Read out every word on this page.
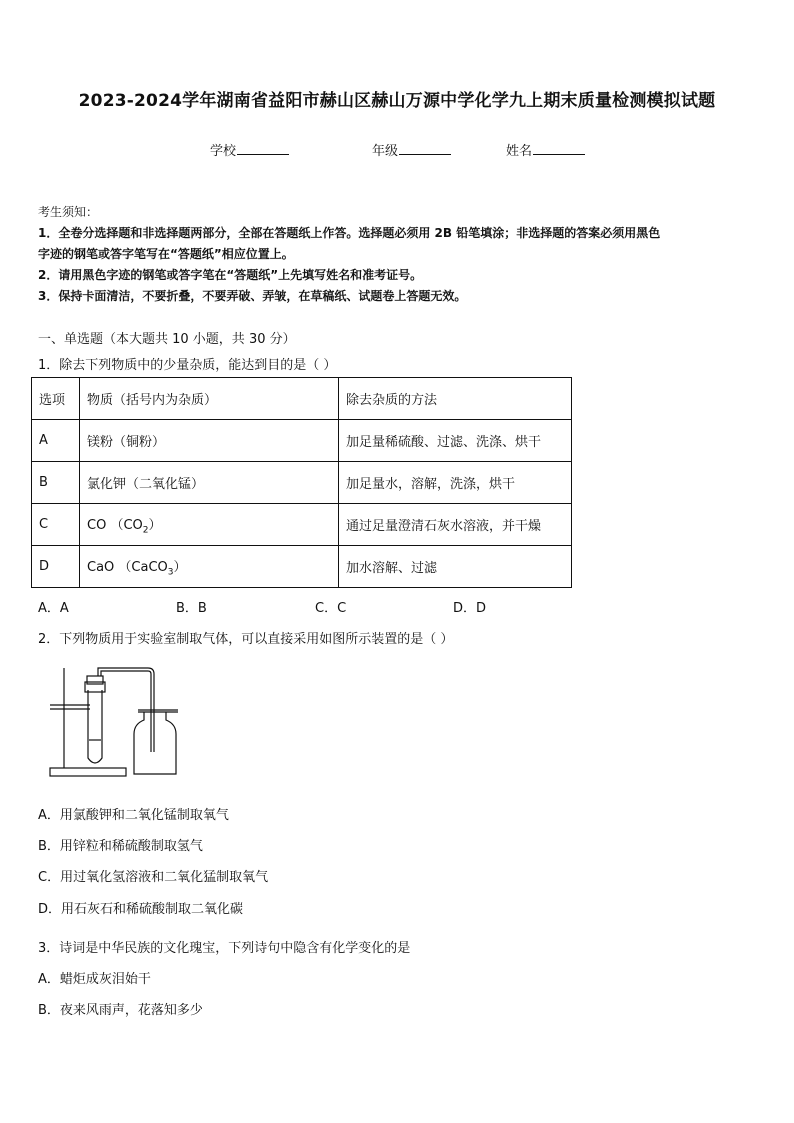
2023-2024学年湖南省益阳市赫山区赫山万源中学化学九上期末质量检测模拟试题
学校	年级	姓名
考生须知：
1．全卷分选择题和非选择题两部分，全部在答题纸上作答。选择题必须用 2B 铅笔填涂；非选择题的答案必须用黑色
字迹的钢笔或答字笔写在“答题纸”相应位置上。
2．请用黑色字迹的钢笔或答字笔在“答题纸”上先填写姓名和准考证号。
3．保持卡面清洁，不要折叠，不要弄破、弄皱，在草稿纸、试题卷上答题无效。
一、单选题（本大题共 10 小题，共 30 分）
1．除去下列物质中的少量杂质，能达到目的是（ ）
选项	物质（括号内为杂质）	除去杂质的方法
A	镁粉（铜粉）	加足量稀硫酸、过滤、洗涤、烘干
B	氯化钾（二氧化锰）	加足量水，溶解，洗涤，烘干
C	CO $(CO_2)$	通过足量澄清石灰水溶液，并干燥
D	CaO （CaCO$_3$）	加水溶解、过滤
A．A	B．B	C．C	D．D
2．下列物质用于实验室制取气体，可以直接采用如图所示装置的是（ ）
A．用氯酸钾和二氧化锰制取氧气
B．用锌粒和稀硫酸制取氢气
C．用过氧化氢溶液和二氧化猛制取氧气
D．用石灰石和稀硫酸制取二氧化碳
3．诗词是中华民族的文化瑰宝，下列诗句中隐含有化学变化的是
A．蜡炬成灰泪始干
B．夜来风雨声，花落知多少
